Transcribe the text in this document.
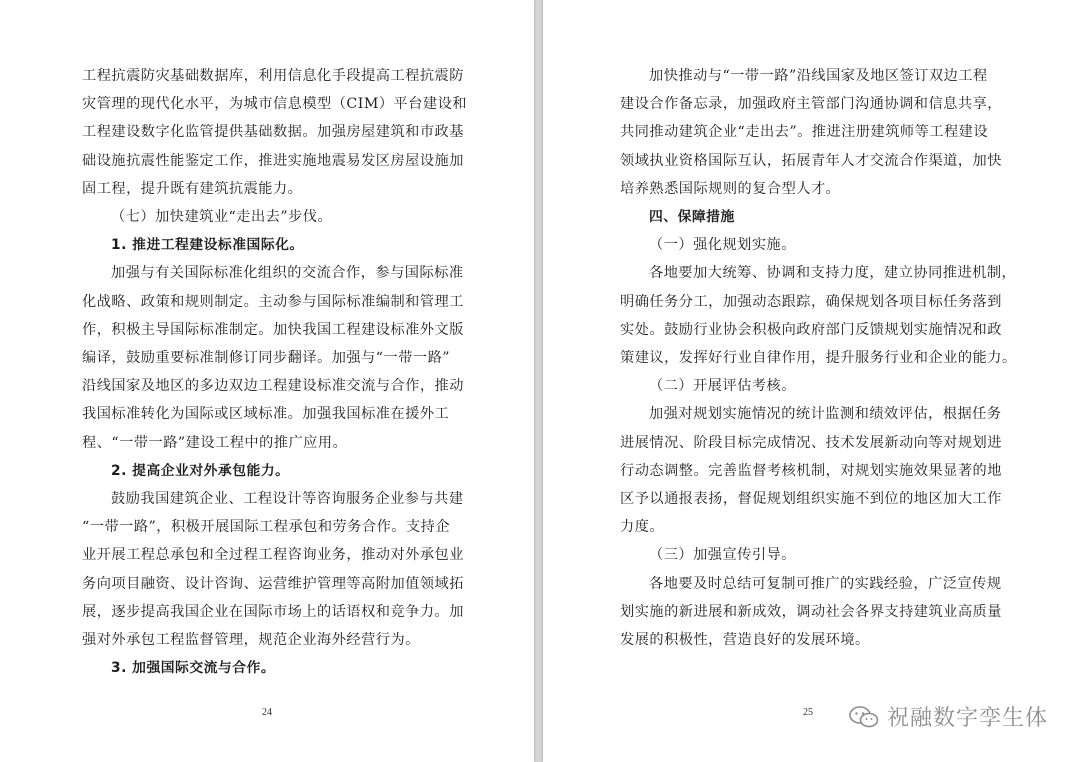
工程抗震防灾基础数据库，利用信息化手段提高工程抗震防
灾管理的现代化水平，为城市信息模型（CIM）平台建设和
工程建设数字化监管提供基础数据。加强房屋建筑和市政基
础设施抗震性能鉴定工作，推进实施地震易发区房屋设施加
固工程，提升既有建筑抗震能力。
（七）加快建筑业“走出去”步伐。
1. 推进工程建设标准国际化。
加强与有关国际标准化组织的交流合作，参与国际标准
化战略、政策和规则制定。主动参与国际标准编制和管理工
作，积极主导国际标准制定。加快我国工程建设标准外文版
编译，鼓励重要标准制修订同步翻译。加强与“一带一路”
沿线国家及地区的多边双边工程建设标准交流与合作，推动
我国标准转化为国际或区域标准。加强我国标准在援外工
程、“一带一路”建设工程中的推广应用。
2. 提高企业对外承包能力。
鼓励我国建筑企业、工程设计等咨询服务企业参与共建
“一带一路”，积极开展国际工程承包和劳务合作。支持企
业开展工程总承包和全过程工程咨询业务，推动对外承包业
务向项目融资、设计咨询、运营维护管理等高附加值领域拓
展，逐步提高我国企业在国际市场上的话语权和竞争力。加
强对外承包工程监督管理，规范企业海外经营行为。
3. 加强国际交流与合作。
24
加快推动与“一带一路”沿线国家及地区签订双边工程
建设合作备忘录，加强政府主管部门沟通协调和信息共享，
共同推动建筑企业“走出去”。推进注册建筑师等工程建设
领域执业资格国际互认，拓展青年人才交流合作渠道，加快
培养熟悉国际规则的复合型人才。
四、保障措施
（一）强化规划实施。
各地要加大统筹、协调和支持力度，建立协同推进机制，
明确任务分工，加强动态跟踪，确保规划各项目标任务落到
实处。鼓励行业协会积极向政府部门反馈规划实施情况和政
策建议，发挥好行业自律作用，提升服务行业和企业的能力。
（二）开展评估考核。
加强对规划实施情况的统计监测和绩效评估，根据任务
进展情况、阶段目标完成情况、技术发展新动向等对规划进
行动态调整。完善监督考核机制，对规划实施效果显著的地
区予以通报表扬，督促规划组织实施不到位的地区加大工作
力度。
（三）加强宣传引导。
各地要及时总结可复制可推广的实践经验，广泛宣传规
划实施的新进展和新成效，调动社会各界支持建筑业高质量
发展的积极性，营造良好的发展环境。
25	祝融数字孪生体
